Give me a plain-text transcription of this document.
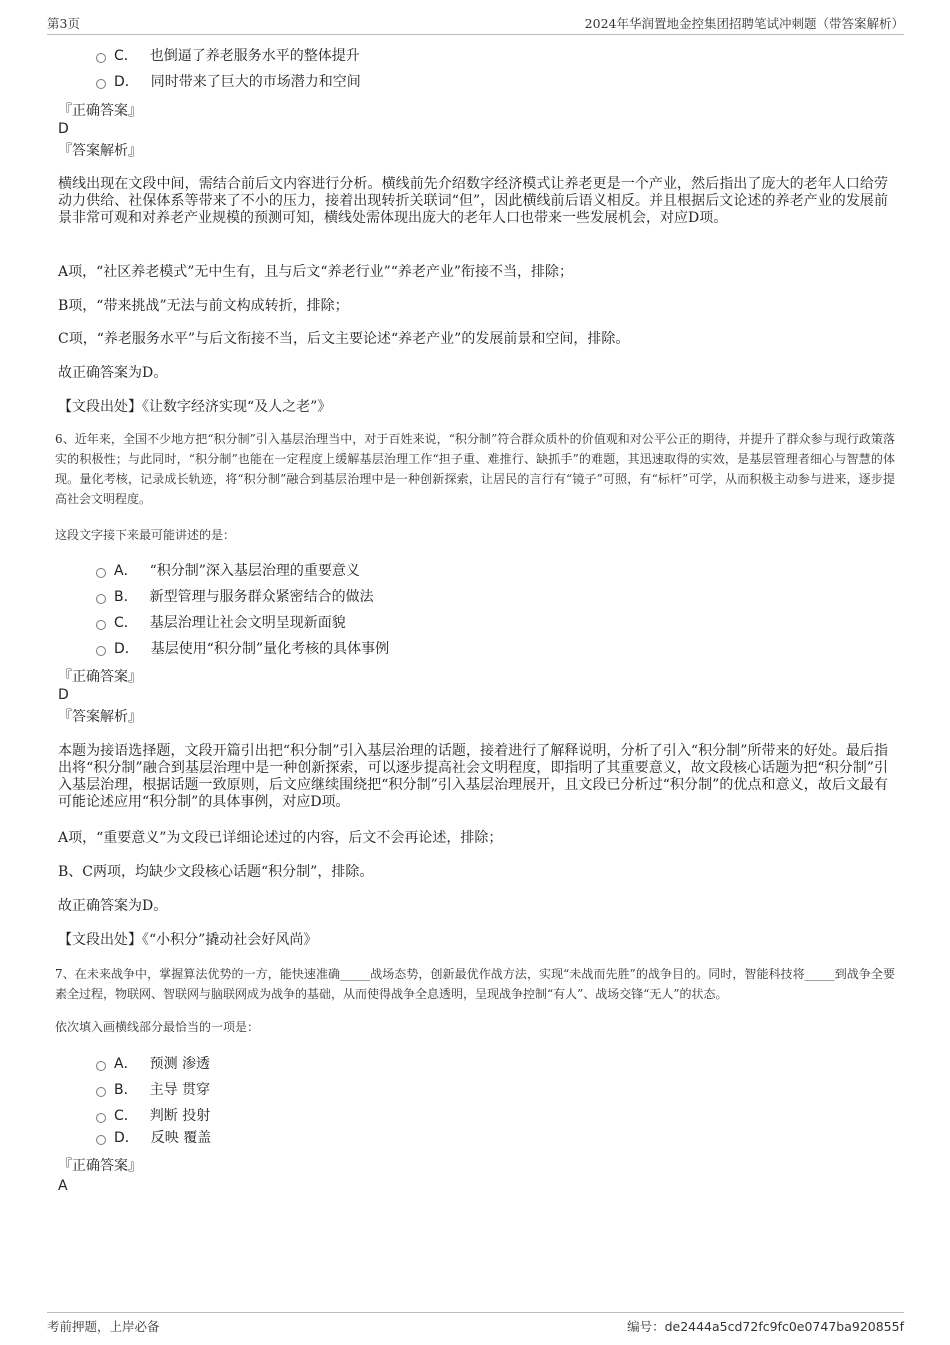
第3页	2024年华润置地金控集团招聘笔试冲刺题（带答案解析）
C． 也倒逼了养老服务水平的整体提升
D． 同时带来了巨大的市场潜力和空间
『正确答案』
D
『答案解析』
横线出现在文段中间，需结合前后文内容进行分析。横线前先介绍数字经济模式让养老更是一个产业，然后指出了庞大的老年人口给劳动力供给、社保体系等带来了不小的压力，接着出现转折关联词“但”，因此横线前后语义相反。并且根据后文论述的养老产业的发展前景非常可观和对养老产业规模的预测可知，横线处需体现出庞大的老年人口也带来一些发展机会，对应D项。
A项，“社区养老模式”无中生有，且与后文“养老行业”“养老产业”衔接不当，排除；
B项，“带来挑战”无法与前文构成转折，排除；
C项，“养老服务水平”与后文衔接不当，后文主要论述“养老产业”的发展前景和空间，排除。
故正确答案为D。
【文段出处】《让数字经济实现“及人之老”》
6、近年来，全国不少地方把“积分制”引入基层治理当中，对于百姓来说，“积分制”符合群众质朴的价值观和对公平公正的期待，并提升了群众参与现行政策落实的积极性；与此同时，“积分制”也能在一定程度上缓解基层治理工作“担子重、难推行、缺抓手”的难题，其迅速取得的实效，是基层管理者细心与智慧的体现。量化考核，记录成长轨迹，将“积分制”融合到基层治理中是一种创新探索，让居民的言行有“镜子”可照，有“标杆”可学，从而积极主动参与进来，逐步提高社会文明程度。
这段文字接下来最可能讲述的是：
A． “积分制”深入基层治理的重要意义
B． 新型管理与服务群众紧密结合的做法
C． 基层治理让社会文明呈现新面貌
D． 基层使用“积分制”量化考核的具体事例
『正确答案』
D
『答案解析』
本题为接语选择题，文段开篇引出把“积分制”引入基层治理的话题，接着进行了解释说明，分析了引入“积分制”所带来的好处。最后指出将“积分制”融合到基层治理中是一种创新探索，可以逐步提高社会文明程度，即指明了其重要意义，故文段核心话题为把“积分制”引入基层治理，根据话题一致原则，后文应继续围绕把“积分制”引入基层治理展开，且文段已分析过“积分制”的优点和意义，故后文最有可能论述应用“积分制”的具体事例，对应D项。
A项，“重要意义”为文段已详细论述过的内容，后文不会再论述，排除；
B、C两项，均缺少文段核心话题“积分制”，排除。
故正确答案为D。
【文段出处】《“小积分”撬动社会好风尚》
7、在未来战争中，掌握算法优势的一方，能快速准确_____战场态势，创新最优作战方法，实现“未战而先胜”的战争目的。同时，智能科技将_____到战争全要素全过程，物联网、智联网与脑联网成为战争的基础，从而使得战争全息透明，呈现战争控制“有人”、战场交锋“无人”的状态。
依次填入画横线部分最恰当的一项是：
A． 预测 渗透
B． 主导 贯穿
C． 判断 投射
D． 反映 覆盖
『正确答案』
A
考前押题，上岸必备	编号：de2444a5cd72fc9fc0e0747ba920855f
